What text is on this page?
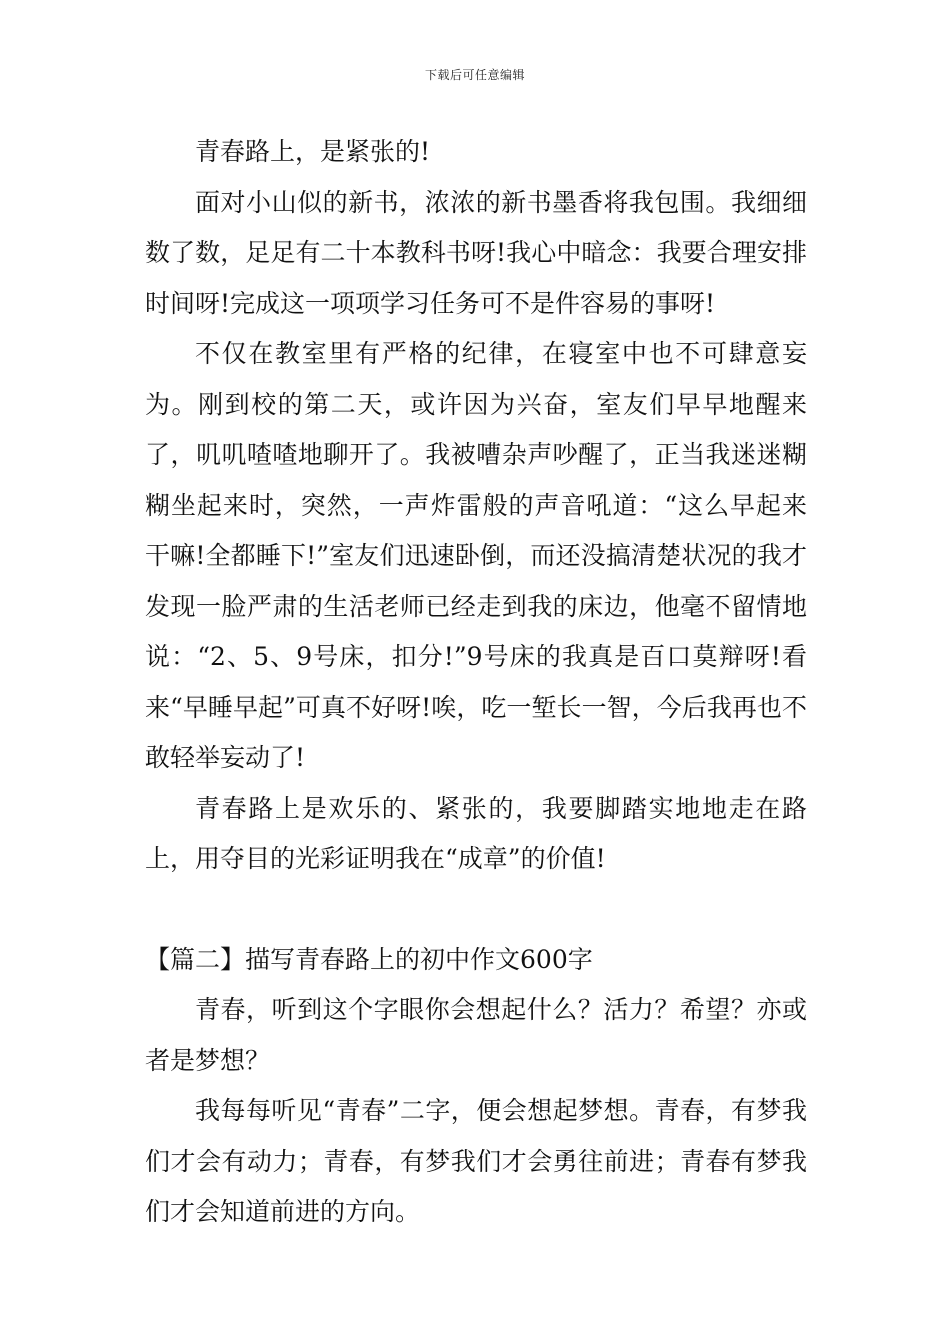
下载后可任意编辑

青春路上，是紧张的!

面对小山似的新书，浓浓的新书墨香将我包围。我细细数了数，足足有二十本教科书呀!我心中暗念：我要合理安排时间呀!完成这一项项学习任务可不是件容易的事呀!

不仅在教室里有严格的纪律，在寝室中也不可肆意妄为。刚到校的第二天，或许因为兴奋，室友们早早地醒来了，叽叽喳喳地聊开了。我被嘈杂声吵醒了，正当我迷迷糊糊坐起来时，突然，一声炸雷般的声音吼道：“这么早起来干嘛!全都睡下!”室友们迅速卧倒，而还没搞清楚状况的我才发现一脸严肃的生活老师已经走到我的床边，他毫不留情地说：“2、5、9号床，扣分!”9号床的我真是百口莫辩呀!看来“早睡早起”可真不好呀!唉，吃一堑长一智，今后我再也不敢轻举妄动了!

青春路上是欢乐的、紧张的，我要脚踏实地地走在路上，用夺目的光彩证明我在“成章”的价值!

【篇二】描写青春路上的初中作文600字

青春，听到这个字眼你会想起什么？活力？希望？亦或者是梦想？

我每每听见“青春”二字，便会想起梦想。青春，有梦我们才会有动力；青春，有梦我们才会勇往前进；青春有梦我们才会知道前进的方向。
